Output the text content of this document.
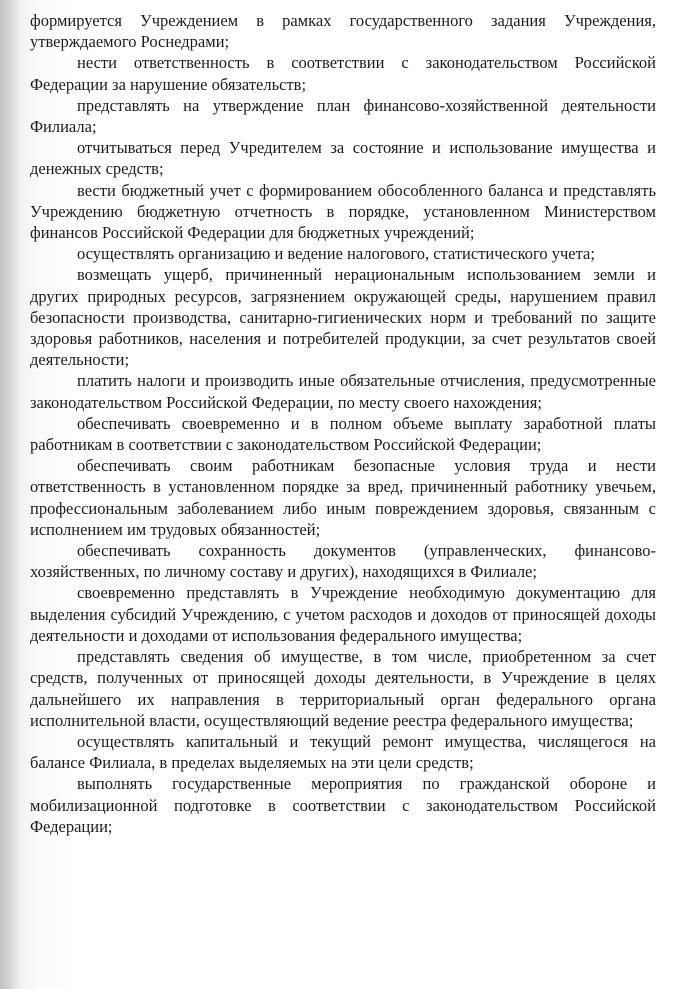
формируется Учреждением в рамках государственного задания Учреждения, утверждаемого Роснедрами;

нести ответственность в соответствии с законодательством Российской Федерации за нарушение обязательств;

представлять на утверждение план финансово-хозяйственной деятельности Филиала;

отчитываться перед Учредителем за состояние и использование имущества и денежных средств;

вести бюджетный учет с формированием обособленного баланса и представлять Учреждению бюджетную отчетность в порядке, установленном Министерством финансов Российской Федерации для бюджетных учреждений;

осуществлять организацию и ведение налогового, статистического учета;

возмещать ущерб, причиненный нерациональным использованием земли и других природных ресурсов, загрязнением окружающей среды, нарушением правил безопасности производства, санитарно-гигиенических норм и требований по защите здоровья работников, населения и потребителей продукции, за счет результатов своей деятельности;

платить налоги и производить иные обязательные отчисления, предусмотренные законодательством Российской Федерации, по месту своего нахождения;

обеспечивать своевременно и в полном объеме выплату заработной платы работникам в соответствии с законодательством Российской Федерации;

обеспечивать своим работникам безопасные условия труда и нести ответственность в установленном порядке за вред, причиненный работнику увечьем, профессиональным заболеванием либо иным повреждением здоровья, связанным с исполнением им трудовых обязанностей;

обеспечивать сохранность документов (управленческих, финансово-хозяйственных, по личному составу и других), находящихся в Филиале;

своевременно представлять в Учреждение необходимую документацию для выделения субсидий Учреждению, с учетом расходов и доходов от приносящей доходы деятельности и доходами от использования федерального имущества;

представлять сведения об имуществе, в том числе, приобретенном за счет средств, полученных от приносящей доходы деятельности, в Учреждение в целях дальнейшего их направления в территориальный орган федерального органа исполнительной власти, осуществляющий ведение реестра федерального имущества;

осуществлять капитальный и текущий ремонт имущества, числящегося на балансе Филиала, в пределах выделяемых на эти цели средств;

выполнять государственные мероприятия по гражданской обороне и мобилизационной подготовке в соответствии с законодательством Российской Федерации;
